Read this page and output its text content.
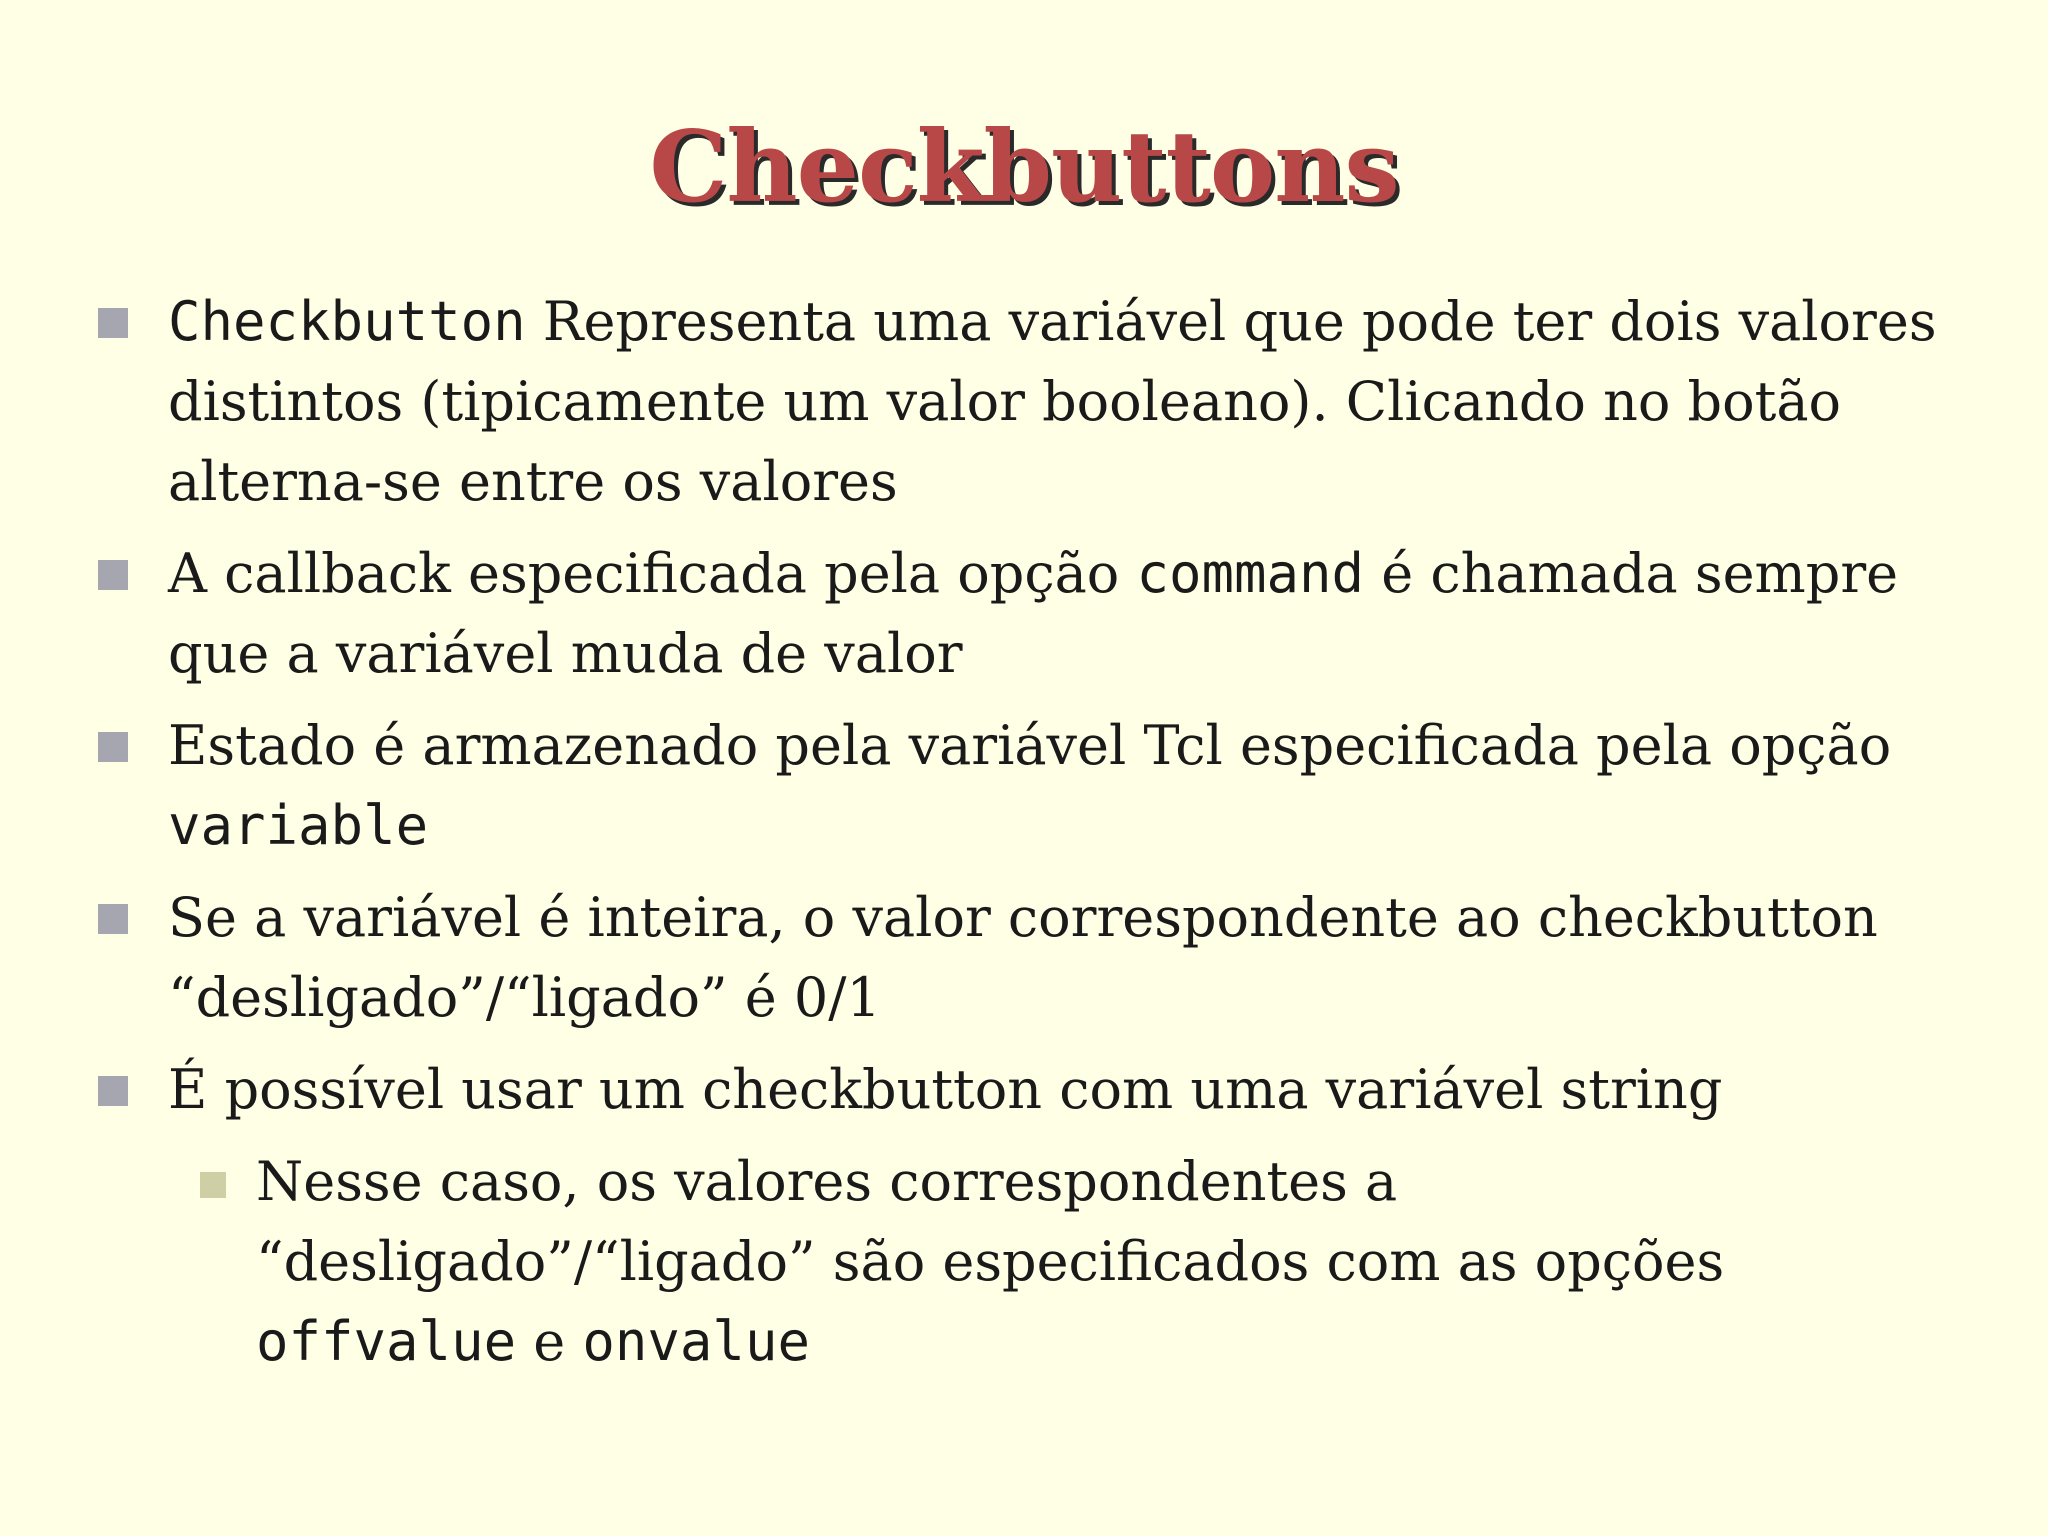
Checkbuttons
Checkbutton Representa uma variável que pode ter dois valores distintos (tipicamente um valor booleano). Clicando no botão alterna-se entre os valores
A callback especificada pela opção command é chamada sempre que a variável muda de valor
Estado é armazenado pela variável Tcl especificada pela opção variable
Se a variável é inteira, o valor correspondente ao checkbutton “desligado”/“ligado” é 0/1
É possível usar um checkbutton com uma variável string
Nesse caso, os valores correspondentes a “desligado”/“ligado” são especificados com as opções offvalue e onvalue
